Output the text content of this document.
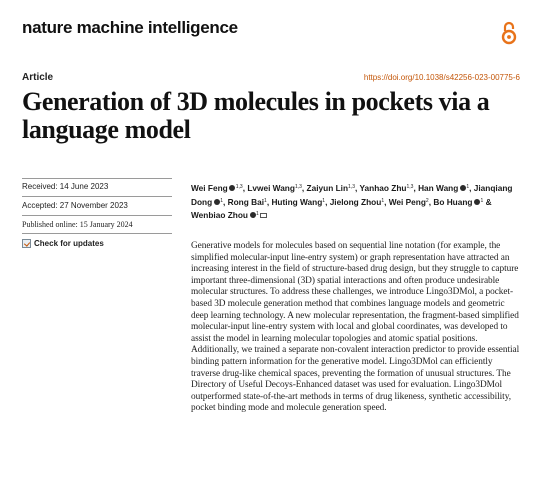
nature machine intelligence
Article	https://doi.org/10.1038/s42256-023-00775-6
Generation of 3D molecules in pockets via a language model
Received: 14 June 2023
Accepted: 27 November 2023
Published online: 15 January 2024
Check for updates

Wei Feng $^{1,3}$, Lvwei Wang$^{1,3}$, Zaiyun Lin$^{1,3}$, Yanhao Zhu$^{1,3}$, Han Wang $^1$, Jianqiang Dong $^1$, Rong Bai$^1$, Huting Wang$^1$, Jielong Zhou$^1$, Wei Peng$^2$, Bo Huang $^1$ & Wenbiao Zhou $^1$

Generative models for molecules based on sequential line notation (for example, the simplified molecular-input line-entry system) or graph representation have attracted an increasing interest in the field of structure-based drug design, but they struggle to capture important three-dimensional (3D) spatial interactions and often produce undesirable molecular structures. To address these challenges, we introduce Lingo3DMol, a pocket-based 3D molecule generation method that combines language models and geometric deep learning technology. A new molecular representation, the fragment-based simplified molecular-input line-entry system with local and global coordinates, was developed to assist the model in learning molecular topologies and atomic spatial positions. Additionally, we trained a separate non-covalent interaction predictor to provide essential binding pattern information for the generative model. Lingo3DMol can efficiently traverse drug-like chemical spaces, preventing the formation of unusual structures. The Directory of Useful Decoys-Enhanced dataset was used for evaluation. Lingo3DMol outperformed state-of-the-art methods in terms of drug likeness, synthetic accessibility, pocket binding mode and molecule generation speed.
